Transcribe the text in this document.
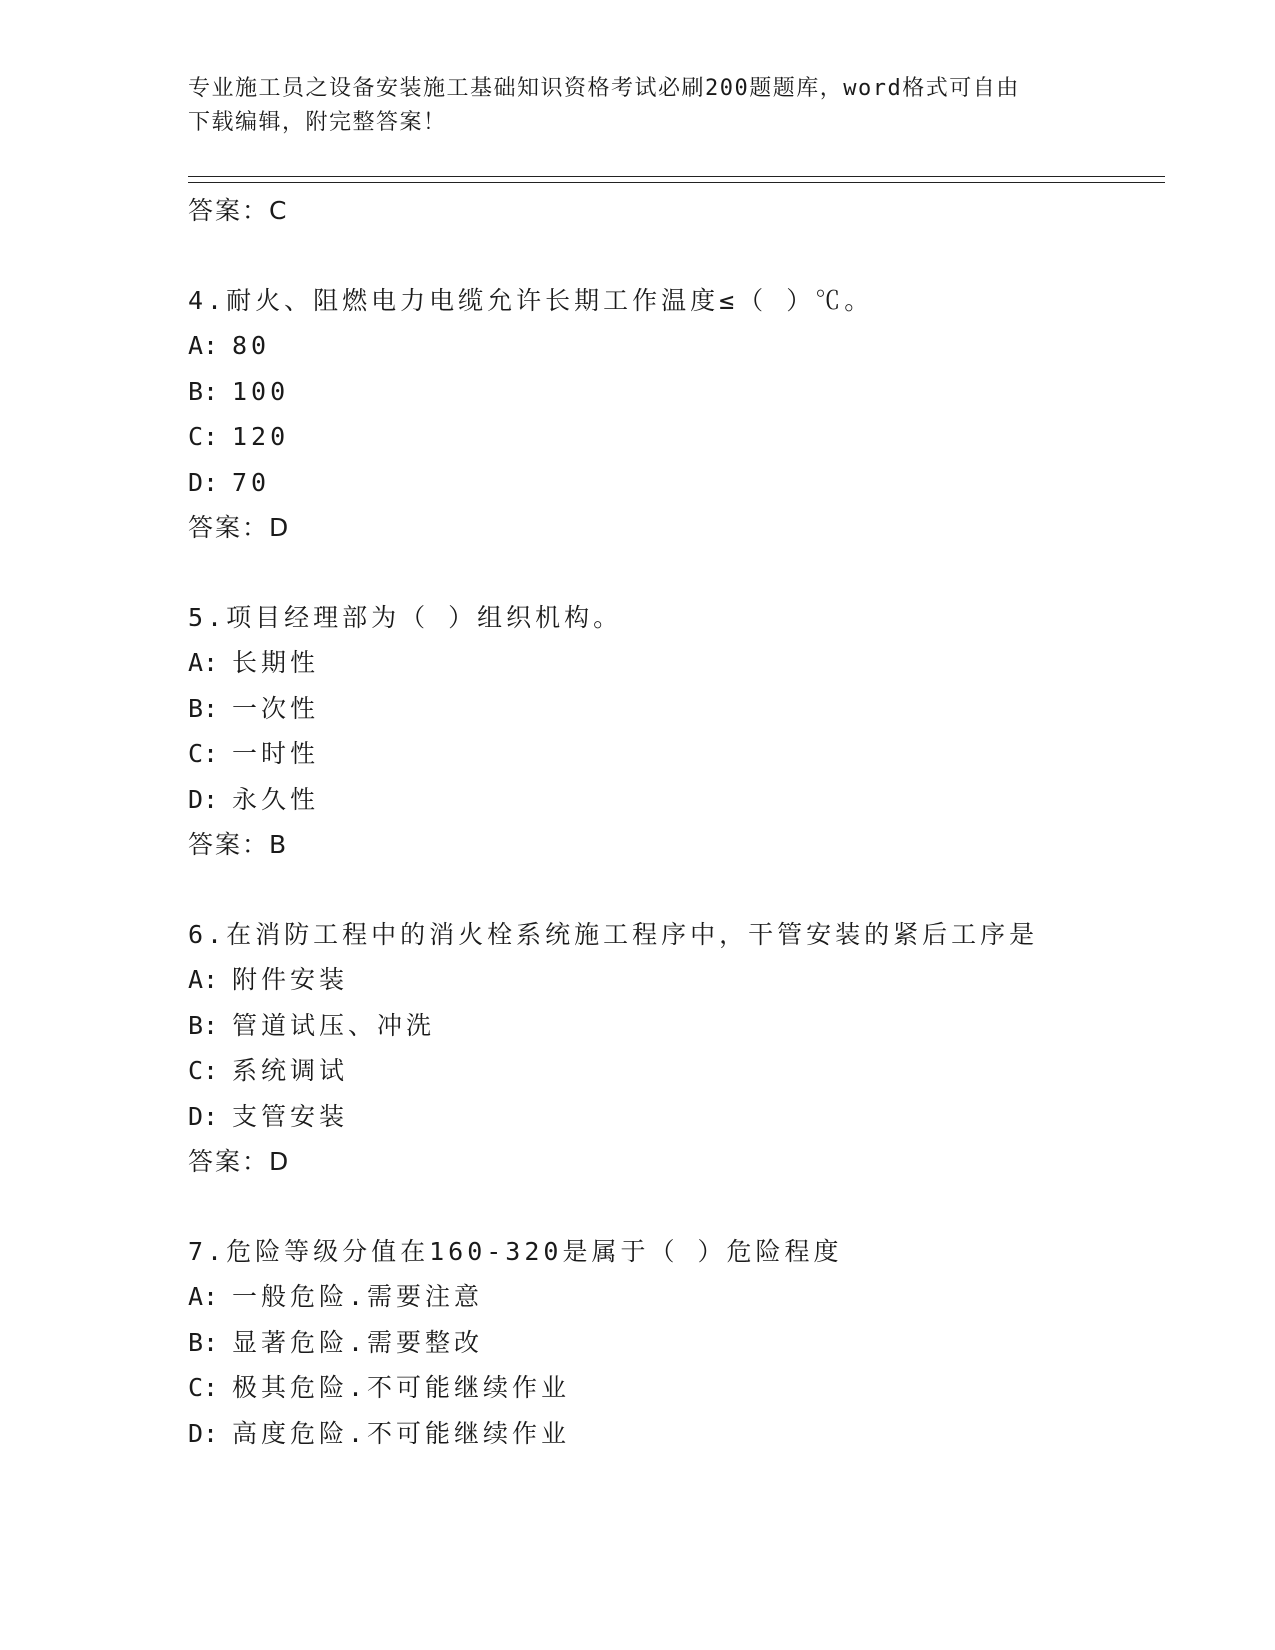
专业施工员之设备安装施工基础知识资格考试必刷200题题库，word格式可自由
下载编辑，附完整答案！
答案：C
4.耐火、阻燃电力电缆允许长期工作温度≤（ ）℃。
A: 80
B: 100
C: 120
D: 70
答案：D
5.项目经理部为（ ）组织机构。
A: 长期性
B: 一次性
C: 一时性
D: 永久性
答案：B
6.在消防工程中的消火栓系统施工程序中，干管安装的紧后工序是
A: 附件安装
B: 管道试压、冲洗
C: 系统调试
D: 支管安装
答案：D
7.危险等级分值在160-320是属于（ ）危险程度
A: 一般危险.需要注意
B: 显著危险.需要整改
C: 极其危险.不可能继续作业
D: 高度危险.不可能继续作业
